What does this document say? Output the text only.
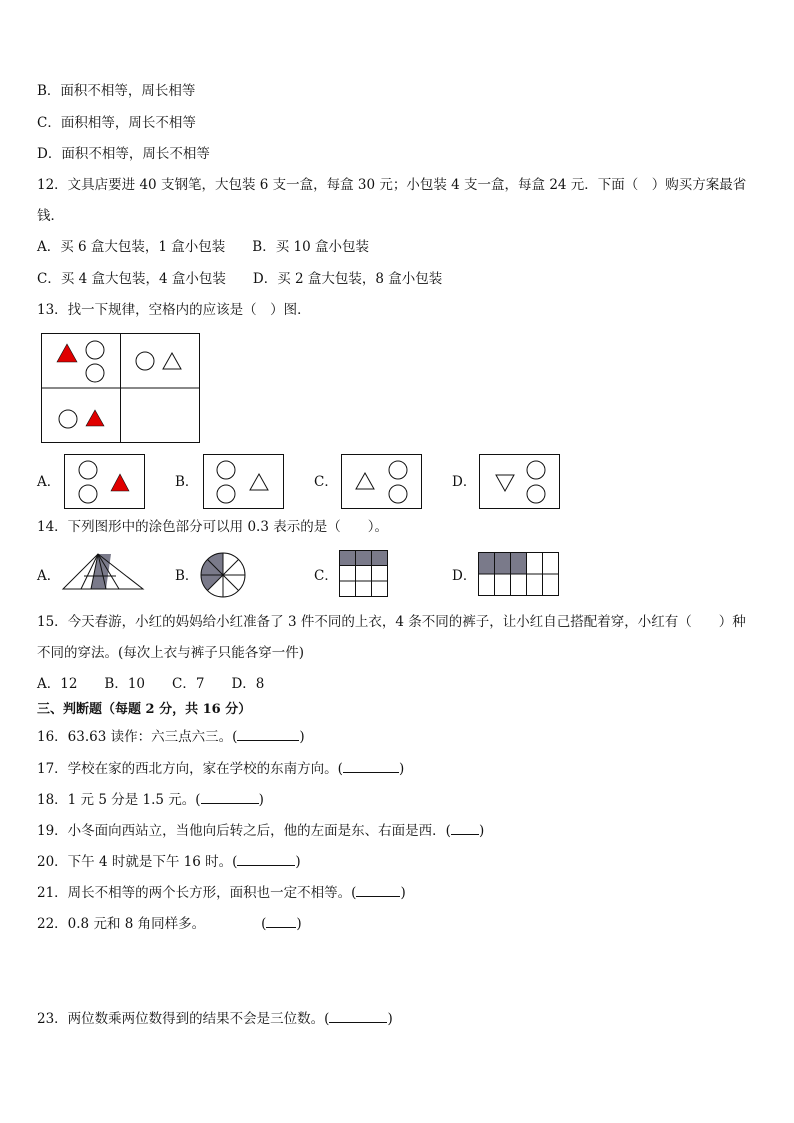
B．面积不相等，周长相等
C．面积相等，周长不相等
D．面积不相等，周长不相等
12．文具店要进 40 支钢笔，大包装 6 支一盒，每盒 30 元；小包装 4 支一盒，每盒 24 元．下面（　）购买方案最省
钱．
A．买 6 盒大包装，1 盒小包装　　B．买 10 盒小包装
C．买 4 盒大包装，4 盒小包装　　D．买 2 盒大包装，8 盒小包装
13．找一下规律，空格内的应该是（　）图．
A．	B．	C．	D．
14．下列图形中的涂色部分可以用 0.3 表示的是（　　）。
A．	B．	C．	D．
15．今天春游，小红的妈妈给小红准备了 3 件不同的上衣，4 条不同的裤子，让小红自己搭配着穿，小红有（　　）种
不同的穿法。(每次上衣与裤子只能各穿一件)
A．12　　B．10　　C．7　　D．8
三、判断题（每题 2 分，共 16 分）
16．63.63 读作：六三点六三。(	)
17．学校在家的西北方向，家在学校的东南方向。(	)
18．1 元 5 分是 1.5 元。(	)
19．小冬面向西站立，当他向后转之后，他的左面是东、右面是西．( )
20．下午 4 时就是下午 16 时。(	)
21．周长不相等的两个长方形，面积也一定不相等。(	)
22．0.8 元和 8 角同样多。	( )
23．两位数乘两位数得到的结果不会是三位数。(	)
